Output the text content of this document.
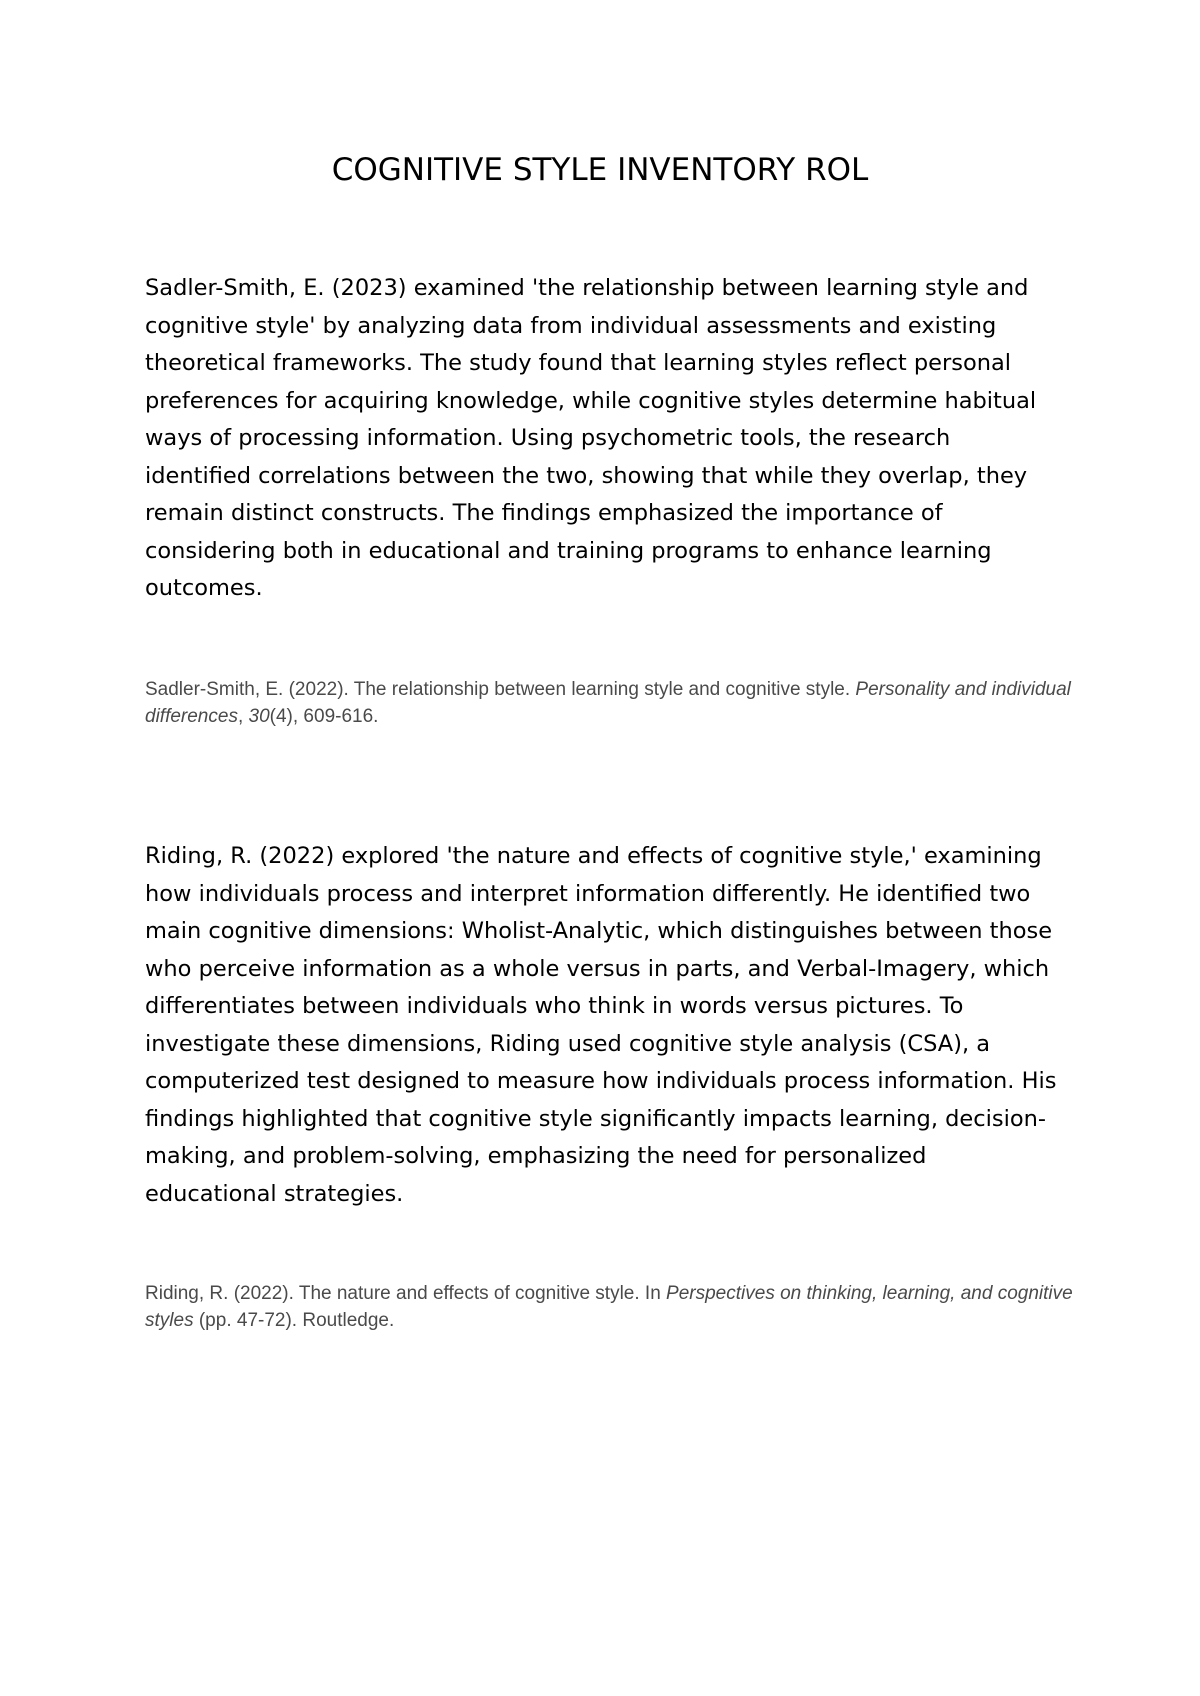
COGNITIVE STYLE INVENTORY ROL

Sadler-Smith, E. (2023) examined 'the relationship between learning style and cognitive style' by analyzing data from individual assessments and existing theoretical frameworks. The study found that learning styles reflect personal preferences for acquiring knowledge, while cognitive styles determine habitual ways of processing information. Using psychometric tools, the research identified correlations between the two, showing that while they overlap, they remain distinct constructs. The findings emphasized the importance of considering both in educational and training programs to enhance learning outcomes.

Sadler-Smith, E. (2022). The relationship between learning style and cognitive style. Personality and individual differences, 30(4), 609-616.

Riding, R. (2022) explored 'the nature and effects of cognitive style,' examining how individuals process and interpret information differently. He identified two main cognitive dimensions: Wholist-Analytic, which distinguishes between those who perceive information as a whole versus in parts, and Verbal-Imagery, which differentiates between individuals who think in words versus pictures. To investigate these dimensions, Riding used cognitive style analysis (CSA), a computerized test designed to measure how individuals process information. His findings highlighted that cognitive style significantly impacts learning, decision-making, and problem-solving, emphasizing the need for personalized educational strategies.

Riding, R. (2022). The nature and effects of cognitive style. In Perspectives on thinking, learning, and cognitive styles (pp. 47-72). Routledge.
